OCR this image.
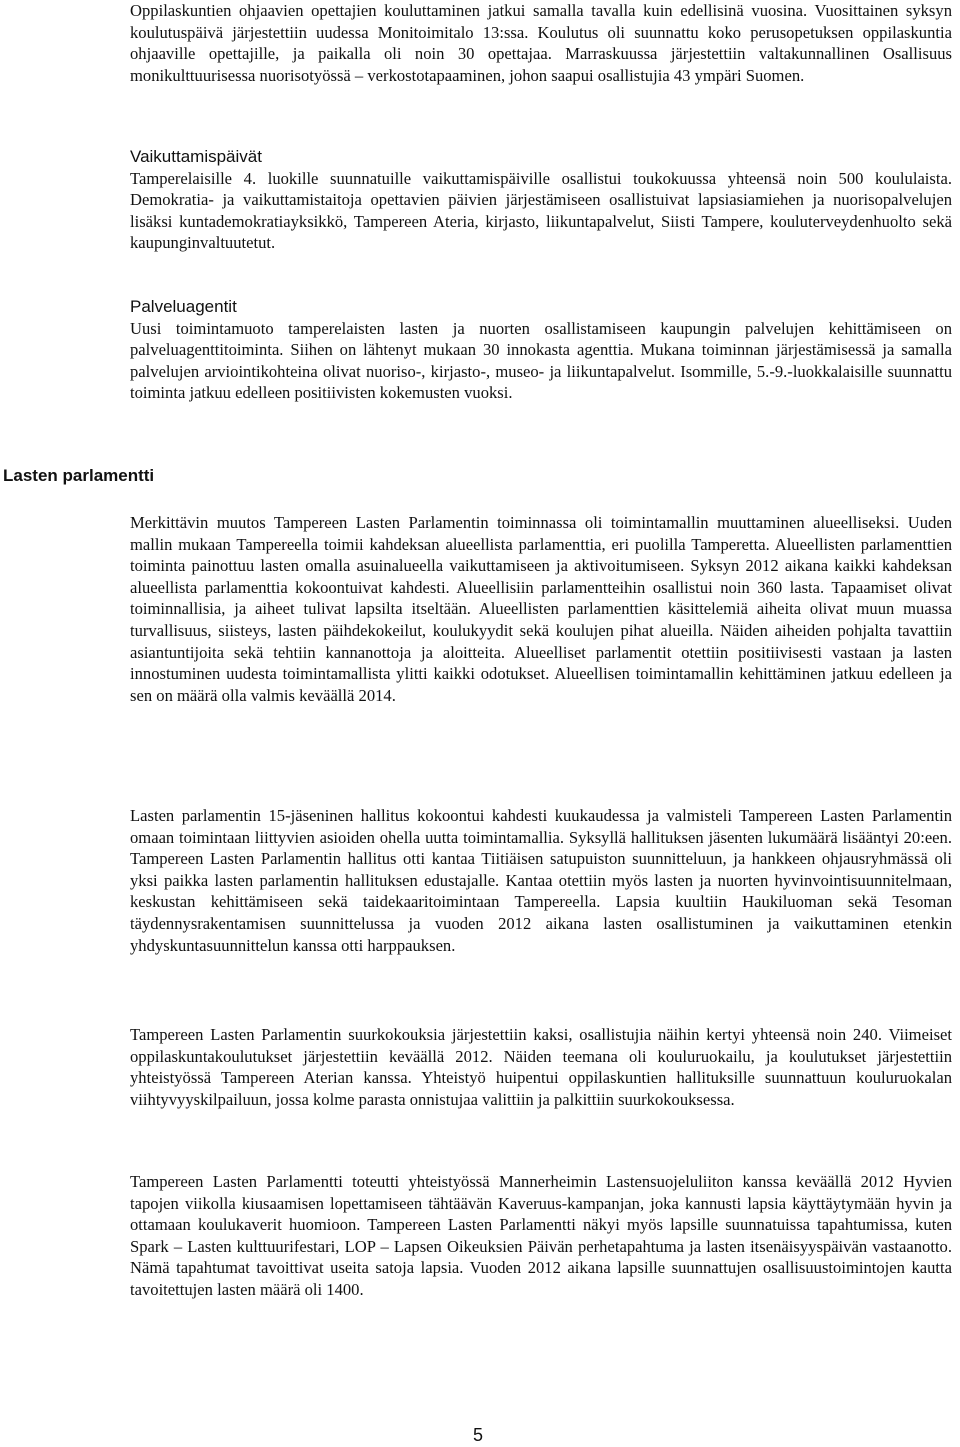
Lasten parlamentti

Oppilaskuntien ohjaavien opettajien kouluttaminen jatkui samalla tavalla kuin edellisinä vuosina. Vuosittainen syksyn koulutuspäivä järjestettiin uudessa Monitoimitalo 13:ssa. Koulutus oli suunnattu koko perusopetuksen oppilaskuntia ohjaaville opettajille, ja paikalla oli noin 30 opettajaa. Marraskuussa järjestettiin valtakunnallinen Osallisuus monikulttuurisessa nuorisotyössä – verkostotapaaminen, johon saapui osallistujia 43 ympäri Suomen.

Vaikuttamispäivät

Tamperelaisille 4. luokille suunnatuille vaikuttamispäiville osallistui toukokuussa yhteensä noin 500 koululaista. Demokratia- ja vaikuttamistaitoja opettavien päivien järjestämiseen osallistuivat lapsiasiamiehen ja nuorisopalvelujen lisäksi kuntademokratiayksikkö, Tampereen Ateria, kirjasto, liikuntapalvelut, Siisti Tampere, kouluterveydenhuolto sekä kaupunginvaltuutetut.

Palveluagentit

Uusi toimintamuoto tamperelaisten lasten ja nuorten osallistamiseen kaupungin palvelujen kehittämiseen on palveluagenttitoiminta. Siihen on lähtenyt mukaan 30 innokasta agenttia. Mukana toiminnan järjestämisessä ja samalla palvelujen arviointikohteina olivat nuoriso-, kirjasto-, museo- ja liikuntapalvelut. Isommille, 5.-9.-luokkalaisille suunnattu toiminta jatkuu edelleen positiivisten kokemusten vuoksi.

Merkittävin muutos Tampereen Lasten Parlamentin toiminnassa oli toimintamallin muuttaminen alueelliseksi. Uuden mallin mukaan Tampereella toimii kahdeksan alueellista parlamenttia, eri puolilla Tamperetta. Alueellisten parlamenttien toiminta painottuu lasten omalla asuinalueella vaikuttamiseen ja aktivoitumiseen. Syksyn 2012 aikana kaikki kahdeksan alueellista parlamenttia kokoontuivat kahdesti. Alueellisiin parlamentteihin osallistui noin 360 lasta. Tapaamiset olivat toiminnallisia, ja aiheet tulivat lapsilta itseltään. Alueellisten parlamenttien käsittelemiä aiheita olivat muun muassa turvallisuus, siisteys, lasten päihdekokeilut, koulukyydit sekä koulujen pihat alueilla. Näiden aiheiden pohjalta tavattiin asiantuntijoita sekä tehtiin kannanottoja ja aloitteita. Alueelliset parlamentit otettiin positiivisesti vastaan ja lasten innostuminen uudesta toimintamallista ylitti kaikki odotukset. Alueellisen toimintamallin kehittäminen jatkuu edelleen ja sen on määrä olla valmis keväällä 2014.

Lasten parlamentin 15-jäseninen hallitus kokoontui kahdesti kuukaudessa ja valmisteli Tampereen Lasten Parlamentin omaan toimintaan liittyvien asioiden ohella uutta toimintamallia. Syksyllä hallituksen jäsenten lukumäärä lisääntyi 20:een. Tampereen Lasten Parlamentin hallitus otti kantaa Tiitiäisen satupuiston suunnitteluun, ja hankkeen ohjausryhmässä oli yksi paikka lasten parlamentin hallituksen edustajalle. Kantaa otettiin myös lasten ja nuorten hyvinvointisuunnitelmaan, keskustan kehittämiseen sekä taidekaaritoimintaan Tampereella. Lapsia kuultiin Haukiluoman sekä Tesoman täydennysrakentamisen suunnittelussa ja vuoden 2012 aikana lasten osallistuminen ja vaikuttaminen etenkin yhdyskuntasuunnittelun kanssa otti harppauksen.

Tampereen Lasten Parlamentin suurkokouksia järjestettiin kaksi, osallistujia näihin kertyi yhteensä noin 240. Viimeiset oppilaskuntakoulutukset järjestettiin keväällä 2012. Näiden teemana oli kouluruokailu, ja koulutukset järjestettiin yhteistyössä Tampereen Aterian kanssa. Yhteistyö huipentui oppilaskuntien hallituksille suunnattuun kouluruokalan viihtyvyyskilpailuun, jossa kolme parasta onnistujaa valittiin ja palkittiin suurkokouksessa.

Tampereen Lasten Parlamentti toteutti yhteistyössä Mannerheimin Lastensuojeluliiton kanssa keväällä 2012 Hyvien tapojen viikolla kiusaamisen lopettamiseen tähtäävän Kaveruus-kampanjan, joka kannusti lapsia käyttäytymään hyvin ja ottamaan koulukaverit huomioon. Tampereen Lasten Parlamentti näkyi myös lapsille suunnatuissa tapahtumissa, kuten Spark – Lasten kulttuurifestari, LOP – Lapsen Oikeuksien Päivän perhetapahtuma ja lasten itsenäisyyspäivän vastaanotto. Nämä tapahtumat tavoittivat useita satoja lapsia. Vuoden 2012 aikana lapsille suunnattujen osallisuustoimintojen kautta tavoitettujen lasten määrä oli 1400.

5
